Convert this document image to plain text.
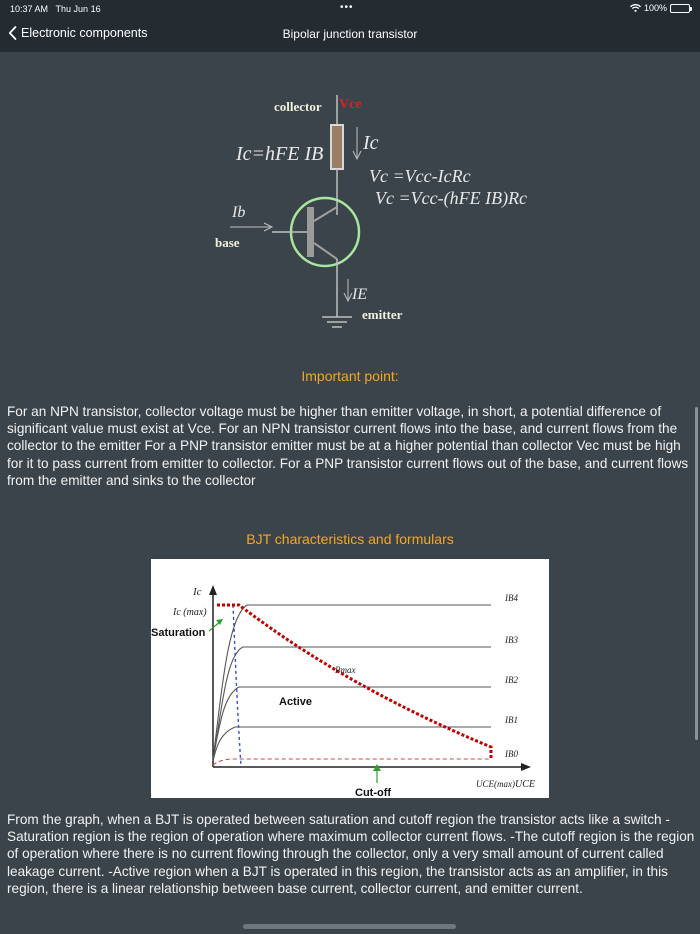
10:37 AM Thu Jun 16	•••	100%
Electronic components	Bipolar junction transistor
collector Vce
Ic
Ic=hFE IB
Vc =Vcc-IcRc
Vc =Vcc-(hFE IB)Rc
Ib
base
IE
emitter
Important point:
For an NPN transistor, collector voltage must be higher than emitter voltage, in short, a potential difference of significant value must exist at Vce. For an NPN transistor current flows into the base, and current flows from the collector to the emitter For a PNP transistor emitter must be at a higher potential than collector Vec must be high for it to pass current from emitter to collector. For a PNP transistor current flows out of the base, and current flows from the emitter and sinks to the collector
BJT characteristics and formulars
Ic
Ic (max)
Saturation
Active
Pmax
Cut-off
UCE(max) UCE
IB4
IB3
IB2
IB1
IB0
From the graph, when a BJT is operated between saturation and cutoff region the transistor acts like a switch -Saturation region is the region of operation where maximum collector current flows. -The cutoff region is the region of operation where there is no current flowing through the collector, only a very small amount of current called leakage current. -Active region when a BJT is operated in this region, the transistor acts as an amplifier, in this region, there is a linear relationship between base current, collector current, and emitter current.
